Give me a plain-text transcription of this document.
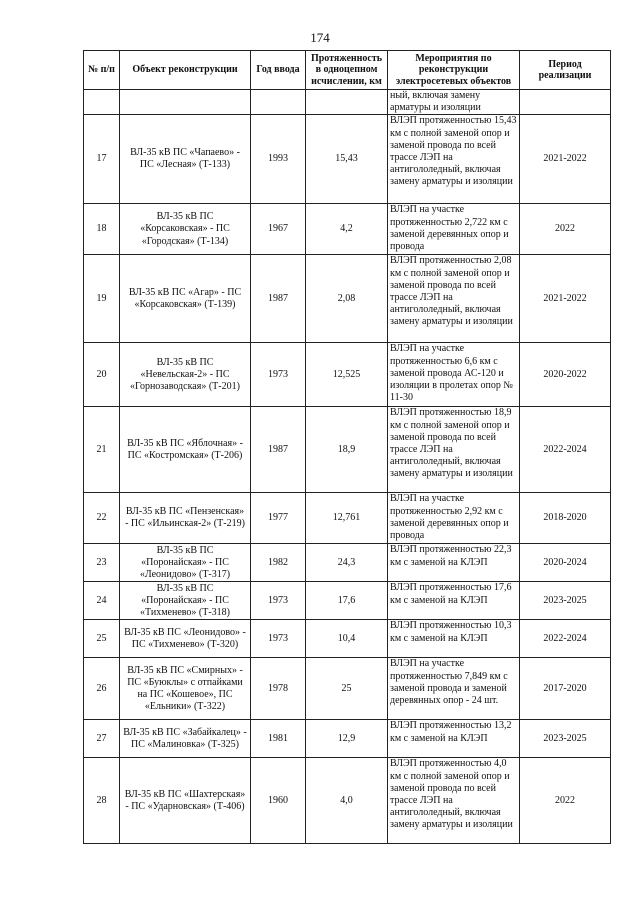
174
№ п/п	Объект реконструкции	Год ввода	Протяженность в одноцепном исчислении, км	Мероприятия по реконструкции электросетевых объектов	Период реализации
				ный, включая замену арматуры и изоляции	
17	ВЛ-35 кВ ПС «Чапаево» - ПС «Лесная» (Т-133)	1993	15,43	ВЛЭП протяженностью 15,43 км с полной заменой опор и заменой провода по всей трассе ЛЭП на антигололедный, включая замену арматуры и изоляции	2021-2022
18	ВЛ-35 кВ ПС «Корсаковская» - ПС «Городская» (Т-134)	1967	4,2	ВЛЭП на участке протяженностью 2,722 км с заменой деревянных опор и провода	2022
19	ВЛ-35 кВ ПС «Агар» - ПС «Корсаковская» (Т-139)	1987	2,08	ВЛЭП протяженностью 2,08 км с полной заменой опор и заменой провода по всей трассе ЛЭП на антигололедный, включая замену арматуры и изоляции	2021-2022
20	ВЛ-35 кВ ПС «Невельская-2» - ПС «Горнозаводская» (Т-201)	1973	12,525	ВЛЭП на участке протяженностью 6,6 км с заменой провода АС-120 и изоляции в пролетах опор № 11-30	2020-2022
21	ВЛ-35 кВ ПС «Яблочная» - ПС «Костромская» (Т-206)	1987	18,9	ВЛЭП протяженностью 18,9 км с полной заменой опор и заменой провода по всей трассе ЛЭП на антигололедный, включая замену арматуры и изоляции	2022-2024
22	ВЛ-35 кВ ПС «Пензенская» - ПС «Ильинская-2» (Т-219)	1977	12,761	ВЛЭП на участке протяженностью 2,92 км с заменой деревянных опор и провода	2018-2020
23	ВЛ-35 кВ ПС «Поронайская» - ПС «Леонидово» (Т-317)	1982	24,3	ВЛЭП протяженностью 22,3 км с заменой на КЛЭП	2020-2024
24	ВЛ-35 кВ ПС «Поронайская» - ПС «Тихменево» (Т-318)	1973	17,6	ВЛЭП протяженностью 17,6 км с заменой на КЛЭП	2023-2025
25	ВЛ-35 кВ ПС «Леонидово» - ПС «Тихменево» (Т-320)	1973	10,4	ВЛЭП протяженностью 10,3 км с заменой на КЛЭП	2022-2024
26	ВЛ-35 кВ ПС «Смирных» - ПС «Буюклы» с отпайками на ПС «Кошевое», ПС «Ельники» (Т-322)	1978	25	ВЛЭП на участке протяженностью 7,849 км с заменой провода и заменой деревянных опор - 24 шт.	2017-2020
27	ВЛ-35 кВ ПС «Забайкалец» - ПС «Малиновка» (Т-325)	1981	12,9	ВЛЭП протяженностью 13,2 км с заменой на КЛЭП	2023-2025
28	ВЛ-35 кВ ПС «Шахтерская» - ПС «Ударновская» (Т-406)	1960	4,0	ВЛЭП протяженностью 4,0 км с полной заменой опор и заменой провода по всей трассе ЛЭП на антигололедный, включая замену арматуры и изоляции	2022
